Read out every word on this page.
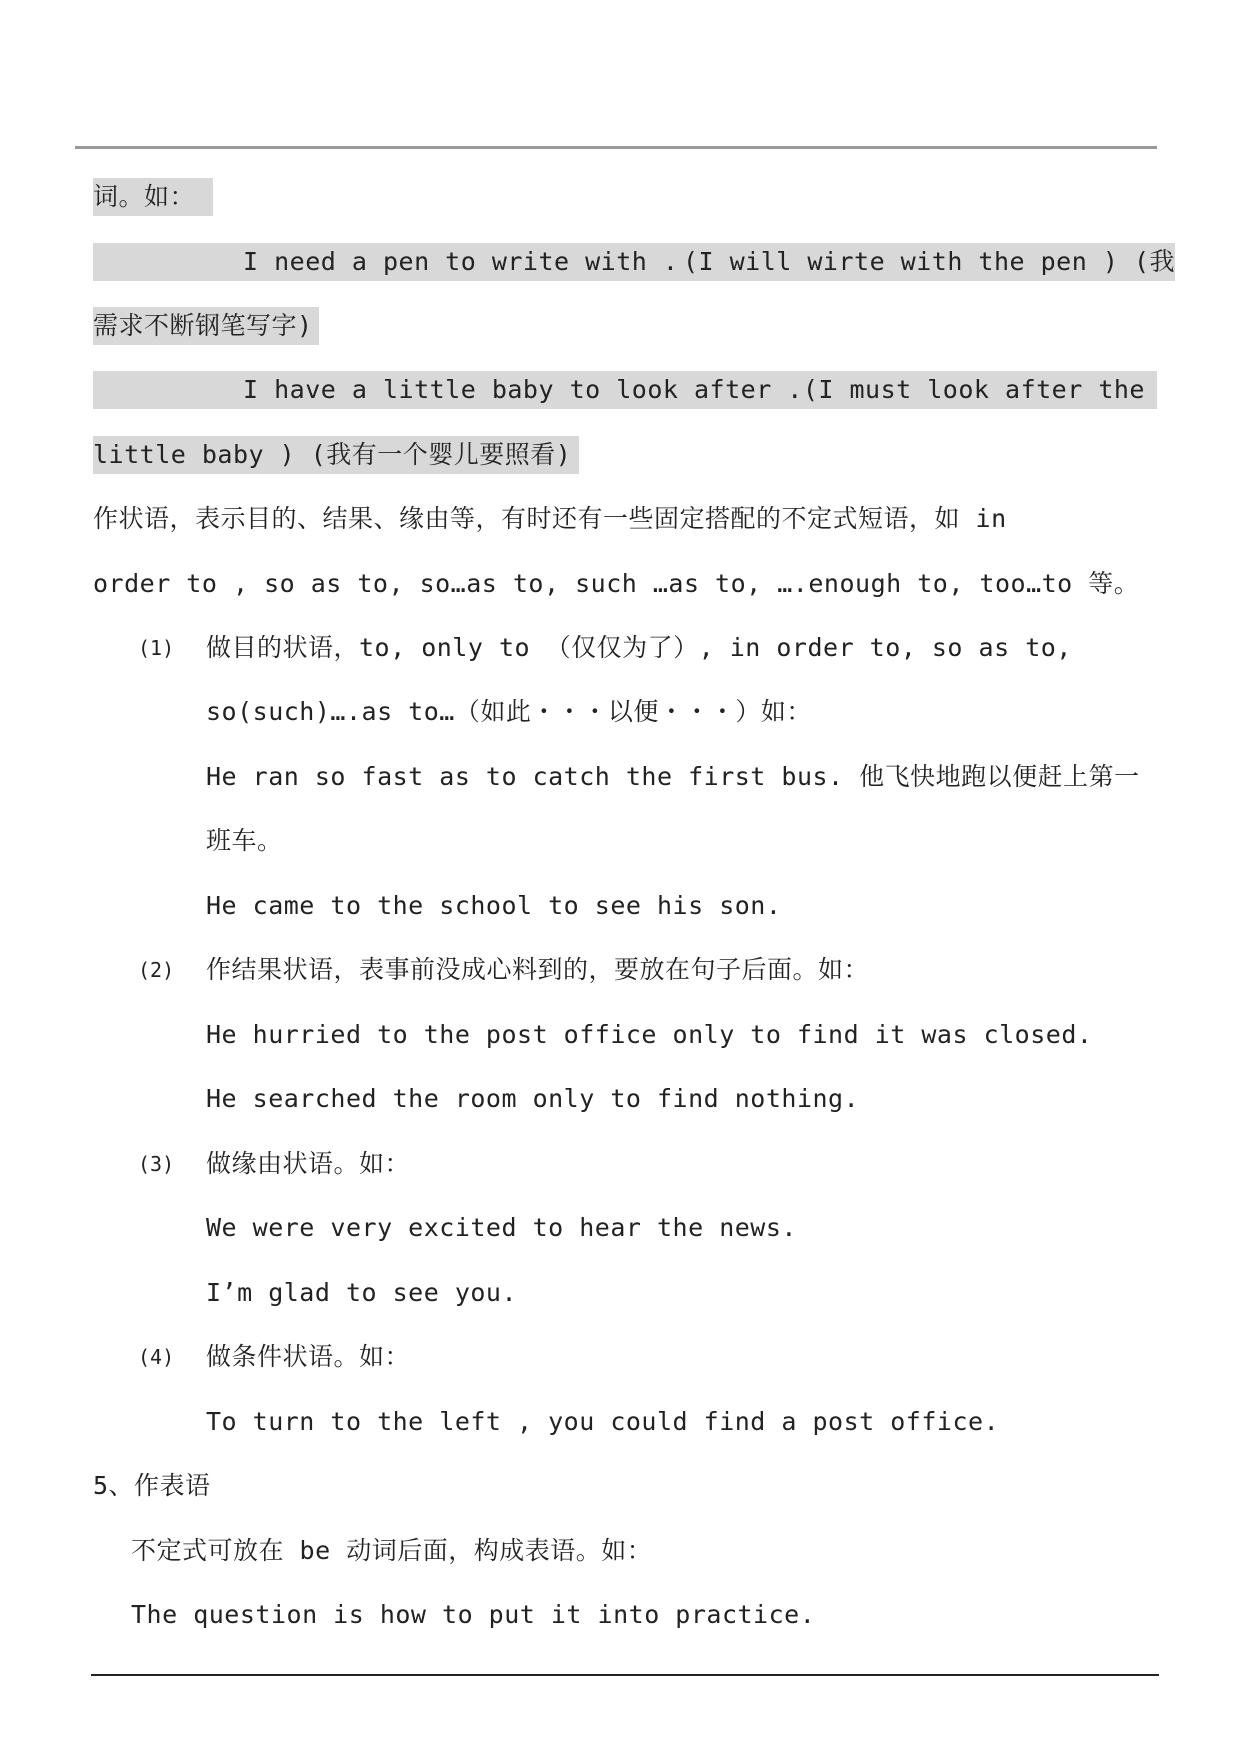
词。如：
I need a pen to write with . (I will wirte with the pen ) (我
需求不断钢笔写字)
I have a little baby to look after .(I must look after the
little baby ) (我有一个婴儿要照看)
作状语，表示目的、结果、缘由等，有时还有一些固定搭配的不定式短语，如 in
order to , so as to, so…as to, such …as to, ….enough to, too…to 等。
(1) 做目的状语，to, only to （仅仅为了）, in order to, so as to,
so(such)….as to…（如此・・・以便・・・）如：
He ran so fast as to catch the first bus. 他飞快地跑以便赶上第一
班车。
He came to the school to see his son.
(2) 作结果状语，表事前没成心料到的，要放在句子后面。如：
He hurried to the post office only to find it was closed.
He searched the room only to find nothing.
(3) 做缘由状语。如：
We were very excited to hear the news.
I’m glad to see you.
(4) 做条件状语。如：
To turn to the left , you could find a post office.
5、作表语
不定式可放在 be 动词后面，构成表语。如：
The question is how to put it into practice.
